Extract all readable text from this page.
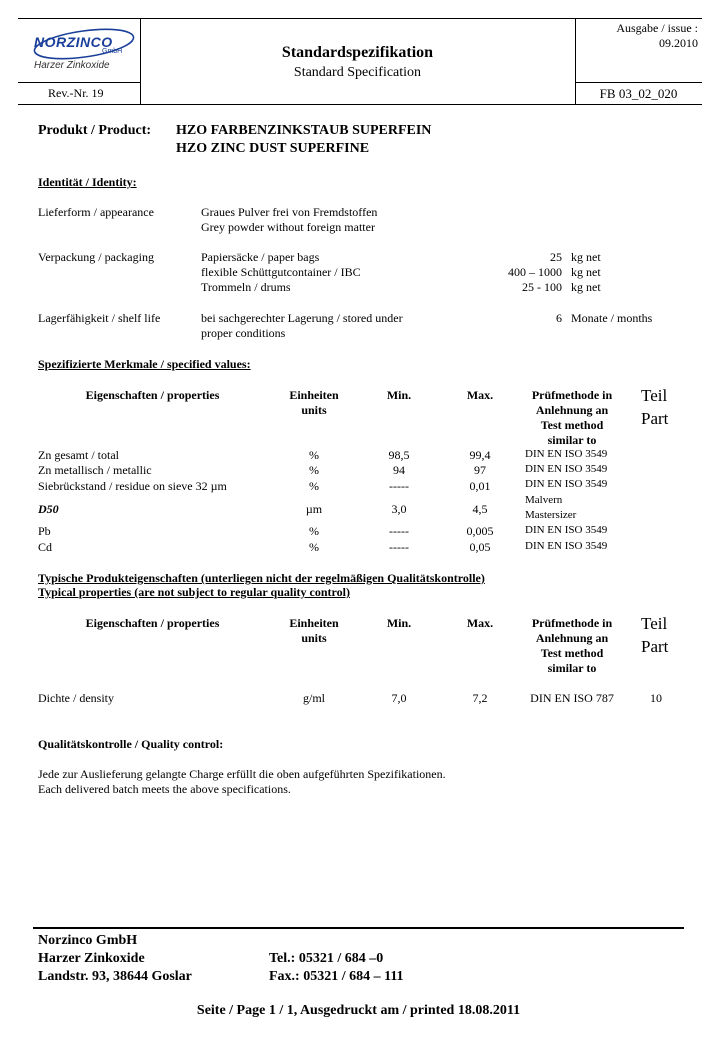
NORZINCO
GmbH
Harzer Zinkoxide
Rev.-Nr. 19
Standardspezifikation
Standard Specification
Ausgabe / issue :
09.2010
FB 03_02_020
Produkt / Product: HZO FARBENZINKSTAUB SUPERFEIN
HZO ZINC DUST SUPERFINE
Identität / Identity:
Lieferform / appearance	Graues Pulver frei von Fremdstoffen
Grey powder without foreign matter
Verpackung / packaging	Papiersäcke / paper bags	25 kg net
flexible Schüttgutcontainer / IBC	400 – 1000 kg net
Trommeln / drums	25 - 100 kg net
Lagerfähigkeit / shelf life	bei sachgerechter Lagerung / stored under
proper conditions
6 Monate / months
Spezifizierte Merkmale / specified values:
Eigenschaften / properties	Einheiten
units
Min.	Max.	Prüfmethode in
Anlehnung an
Test method
similar to
Teil
Part
Zn gesamt / total	%	98,5	99,4	DIN EN ISO 3549
Zn metallisch / metallic	%	94	97	DIN EN ISO 3549
Siebrückstand / residue on sieve 32 µm	%	-----	0,01	DIN EN ISO 3549
D50	µm	3,0	4,5
Malvern
Mastersizer
Pb	%	-----	0,005	DIN EN ISO 3549
Cd	%	-----	0,05	DIN EN ISO 3549
Typische Produkteigenschaften (unterliegen nicht der regelmäßigen Qualitätskontrolle)
Typical properties (are not subject to regular quality control)
Eigenschaften / properties	Einheiten
units
Min.	Max.	Prüfmethode in
Anlehnung an
Test method
similar to
Teil
Part
Dichte / density	g/ml	7,0	7,2	DIN EN ISO 787	10
Qualitätskontrolle / Quality control:
Jede zur Auslieferung gelangte Charge erfüllt die oben aufgeführten Spezifikationen.
Each delivered batch meets the above specifications.
Norzinco GmbH
Harzer Zinkoxide
Landstr. 93, 38644 Goslar
Tel.: 05321 / 684 –0
Fax.: 05321 / 684 – 111
Seite / Page 1 / 1, Ausgedruckt am / printed 18.08.2011
